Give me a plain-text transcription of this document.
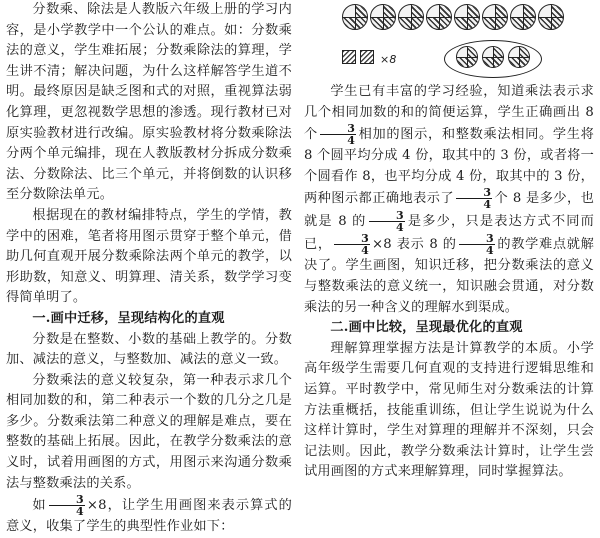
分数乘、除法是人教版六年级上册的学习内容，是小学教学中一个公认的难点。如：分数乘法的意义，学生难拓展；分数乘除法的算理，学生讲不清；解决问题，为什么这样解答学生道不明。最终原因是缺乏图和式的对照，重视算法弱化算理，更忽视数学思想的渗透。现行教材已对原实验教材进行改编。原实验教材将分数乘除法分两个单元编排，现在人教版教材分拆成分数乘法、分数除法、比三个单元，并将倒数的认识移至分数除法单元。

根据现在的教材编排特点，学生的学情，教学中的困难，笔者将用图示贯穿于整个单元，借助几何直观开展分数乘除法两个单元的教学，以形助数，知意义、明算理、清关系，数学学习变得简单明了。

一.画中迁移，呈现结构化的直观

分数是在整数、小数的基础上教学的。分数加、减法的意义，与整数加、减法的意义一致。

分数乘法的意义较复杂，第一种表示求几个相同加数的和，第二种表示一个数的几分之几是多少。分数乘法第二种意义的理解是难点，要在整数的基础上拓展。因此，在教学分数乘法的意义时，试着用画图的方式，用图示来沟通分数乘法与整数乘法的关系。

如 $\frac{3}{4} \times 8$，让学生用画图来表示算式的意义，收集了学生的典型性作业如下：

×8

学生已有丰富的学习经验，知道乘法表示求几个相同加数的和的简便运算，学生正确画出 8 个 $\frac{3}{4}$ 相加的图示，和整数乘法相同。学生将 8 个圆平均分成 4 份，取其中的 3 份，或者将一个圆看作 8，也平均分成 4 份，取其中的 3 份，两种图示都正确地表示了 $\frac{3}{4}$ 个 8 是多少，也就是 8 的 $\frac{3}{4}$ 是多少，只是表达方式不同而已， $\frac{3}{4} \times 8$ 表示 8 的 $\frac{3}{4}$ 的教学难点就解决了。学生画图，知识迁移，把分数乘法的意义与整数乘法的意义统一，知识融会贯通，对分数乘法的另一种含义的理解水到渠成。

二.画中比较，呈现最优化的直观

理解算理掌握方法是计算教学的本质。小学高年级学生需要几何直观的支持进行逻辑思维和运算。平时教学中，常见师生对分数乘法的计算方法重概括，技能重训练，但让学生说说为什么这样计算时，学生对算理的理解并不深刻，只会记法则。因此，教学分数乘法计算时，让学生尝试用画图的方式来理解算理，同时掌握算法。
